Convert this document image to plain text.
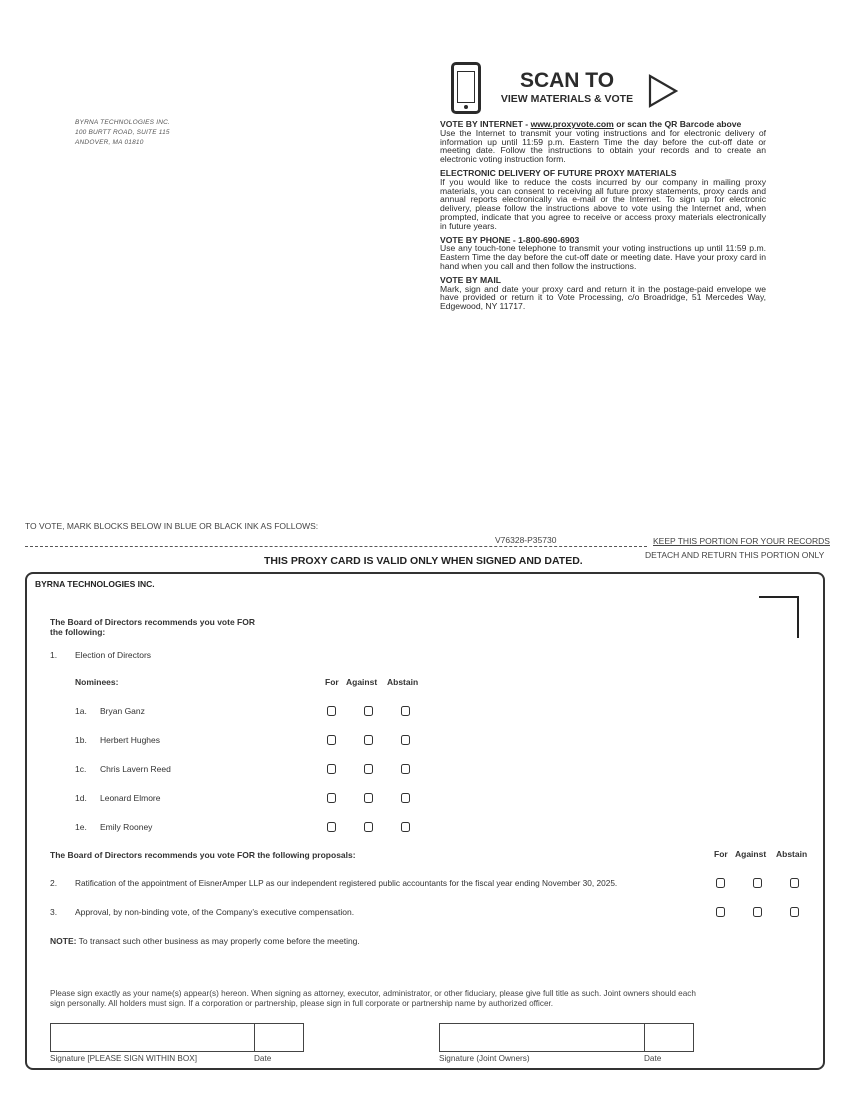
BYRNA TECHNOLOGIES INC.
100 BURTT ROAD, SUITE 115
ANDOVER, MA 01810
SCAN TO
VIEW MATERIALS & VOTE
VOTE BY INTERNET - www.proxyvote.com or scan the QR Barcode above

Use the Internet to transmit your voting instructions and for electronic delivery of information up until 11:59 p.m. Eastern Time the day before the cut-off date or meeting date. Follow the instructions to obtain your records and to create an electronic voting instruction form.

ELECTRONIC DELIVERY OF FUTURE PROXY MATERIALS

If you would like to reduce the costs incurred by our company in mailing proxy materials, you can consent to receiving all future proxy statements, proxy cards and annual reports electronically via e-mail or the Internet. To sign up for electronic delivery, please follow the instructions above to vote using the Internet and, when prompted, indicate that you agree to receive or access proxy materials electronically in future years.

VOTE BY PHONE - 1-800-690-6903

Use any touch-tone telephone to transmit your voting instructions up until 11:59 p.m. Eastern Time the day before the cut-off date or meeting date. Have your proxy card in hand when you call and then follow the instructions.

VOTE BY MAIL

Mark, sign and date your proxy card and return it in the postage-paid envelope we have provided or return it to Vote Processing, c/o Broadridge, 51 Mercedes Way, Edgewood, NY 11717.

TO VOTE, MARK BLOCKS BELOW IN BLUE OR BLACK INK AS FOLLOWS:
V76328-P35730	KEEP THIS PORTION FOR YOUR RECORDS
DETACH AND RETURN THIS PORTION ONLY
THIS PROXY CARD IS VALID ONLY WHEN SIGNED AND DATED.
BYRNA TECHNOLOGIES INC.
The Board of Directors recommends you vote FOR
the following:
1. Election of Directors
Nominees:	For Against Abstain
1a. Bryan Ganz
1b. Herbert Hughes
1c. Chris Lavern Reed
1d. Leonard Elmore
1e. Emily Rooney
The Board of Directors recommends you vote FOR the following proposals:	For Against Abstain
2. Ratification of the appointment of EisnerAmper LLP as our independent registered public accountants for the fiscal year ending November 30, 2025.
3. Approval, by non-binding vote, of the Company’s executive compensation.
NOTE: To transact such other business as may properly come before the meeting.
Please sign exactly as your name(s) appear(s) hereon. When signing as attorney, executor, administrator, or other fiduciary, please give full title as such. Joint owners should each sign personally. All holders must sign. If a corporation or partnership, please sign in full corporate or partnership name by authorized officer.
Signature [PLEASE SIGN WITHIN BOX]	Date	Signature (Joint Owners)	Date
